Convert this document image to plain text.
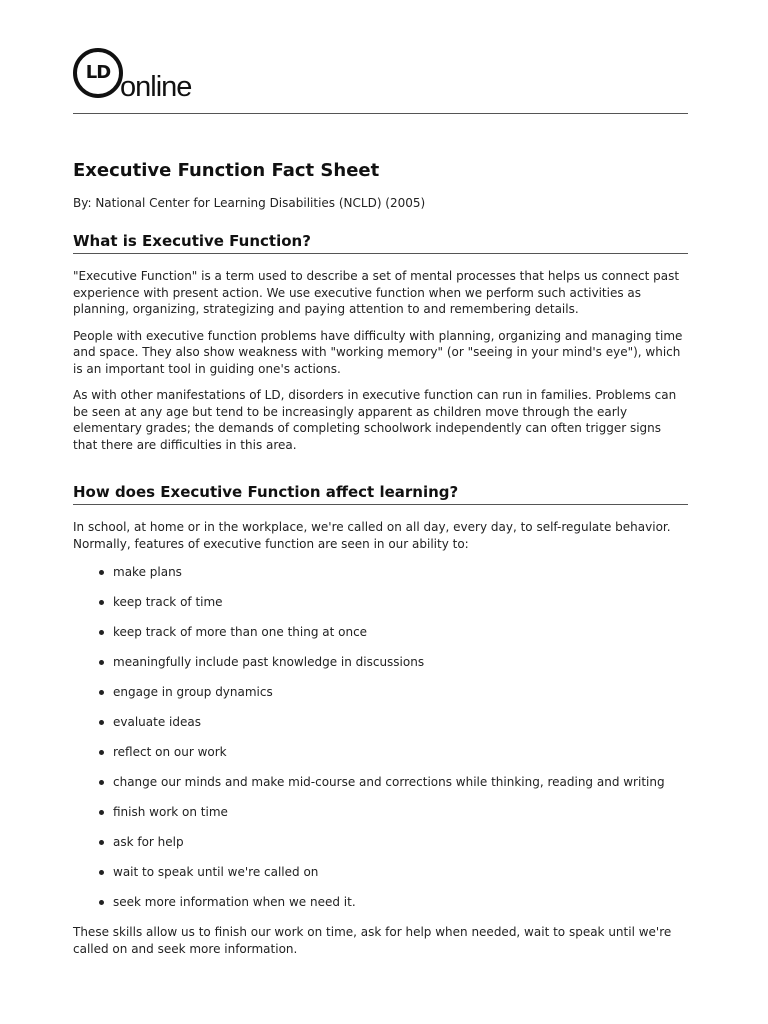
LD online
Executive Function Fact Sheet
By: National Center for Learning Disabilities (NCLD) (2005)
What is Executive Function?

"Executive Function" is a term used to describe a set of mental processes that helps us connect past experience with present action. We use executive function when we perform such activities as planning, organizing, strategizing and paying attention to and remembering details.

People with executive function problems have difficulty with planning, organizing and managing time and space. They also show weakness with "working memory" (or "seeing in your mind's eye"), which is an important tool in guiding one's actions.

As with other manifestations of LD, disorders in executive function can run in families. Problems can be seen at any age but tend to be increasingly apparent as children move through the early elementary grades; the demands of completing schoolwork independently can often trigger signs that there are difficulties in this area.

How does Executive Function affect learning?

In school, at home or in the workplace, we're called on all day, every day, to self-regulate behavior. Normally, features of executive function are seen in our ability to:

make plans
keep track of time
keep track of more than one thing at once
meaningfully include past knowledge in discussions
engage in group dynamics
evaluate ideas
reflect on our work
change our minds and make mid-course and corrections while thinking, reading and writing
finish work on time
ask for help
wait to speak until we're called on
seek more information when we need it.

These skills allow us to finish our work on time, ask for help when needed, wait to speak until we're called on and seek more information.
